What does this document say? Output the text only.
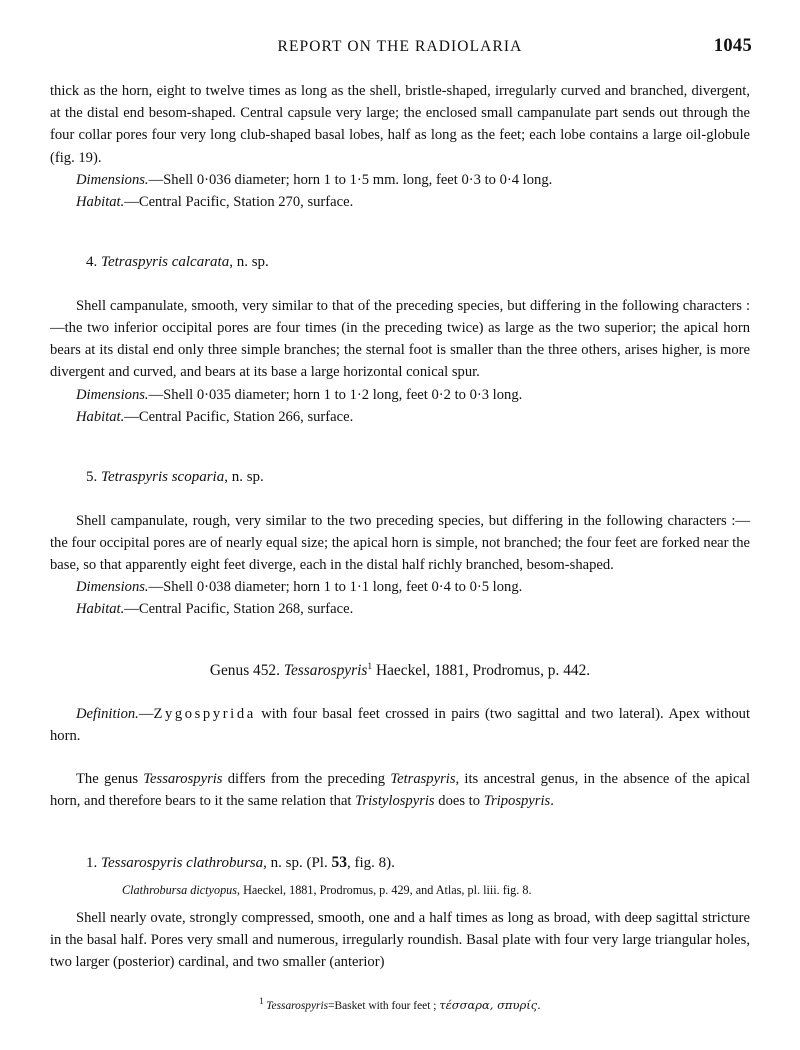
REPORT ON THE RADIOLARIA	1045

thick as the horn, eight to twelve times as long as the shell, bristle-shaped, irregularly curved and branched, divergent, at the distal end besom-shaped. Central capsule very large; the enclosed small campanulate part sends out through the four collar pores four very long club-shaped basal lobes, half as long as the feet; each lobe contains a large oil-globule (fig. 19).

Dimensions.—Shell 0·036 diameter; horn 1 to 1·5 mm. long, feet 0·3 to 0·4 long.

Habitat.—Central Pacific, Station 270, surface.

4. Tetraspyris calcarata, n. sp.

Shell campanulate, smooth, very similar to that of the preceding species, but differing in the following characters :—the two inferior occipital pores are four times (in the preceding twice) as large as the two superior; the apical horn bears at its distal end only three simple branches; the sternal foot is smaller than the three others, arises higher, is more divergent and curved, and bears at its base a large horizontal conical spur.

Dimensions.—Shell 0·035 diameter; horn 1 to 1·2 long, feet 0·2 to 0·3 long.

Habitat.—Central Pacific, Station 266, surface.

5. Tetraspyris scoparia, n. sp.

Shell campanulate, rough, very similar to the two preceding species, but differing in the following characters :—the four occipital pores are of nearly equal size; the apical horn is simple, not branched; the four feet are forked near the base, so that apparently eight feet diverge, each in the distal half richly branched, besom-shaped.

Dimensions.—Shell 0·038 diameter; horn 1 to 1·1 long, feet 0·4 to 0·5 long.

Habitat.—Central Pacific, Station 268, surface.

Genus 452. Tessarospyris$^1$ Haeckel, 1881, Prodromus, p. 442.

Definition.—Zygospyrida with four basal feet crossed in pairs (two sagittal and two lateral). Apex without horn.

The genus Tessarospyris differs from the preceding Tetraspyris, its ancestral genus, in the absence of the apical horn, and therefore bears to it the same relation that Tristylospyris does to Tripospyris.

1. Tessarospyris clathrobursa, n. sp. (Pl. 53, fig. 8).

Clathrobursa dictyopus, Haeckel, 1881, Prodromus, p. 429, and Atlas, pl. liii. fig. 8.

Shell nearly ovate, strongly compressed, smooth, one and a half times as long as broad, with deep sagittal stricture in the basal half. Pores very small and numerous, irregularly roundish. Basal plate with four very large triangular holes, two larger (posterior) cardinal, and two smaller (anterior)

$^1$ Tessarospyris=Basket with four feet ; τέσσαρα, σπυρίς.
